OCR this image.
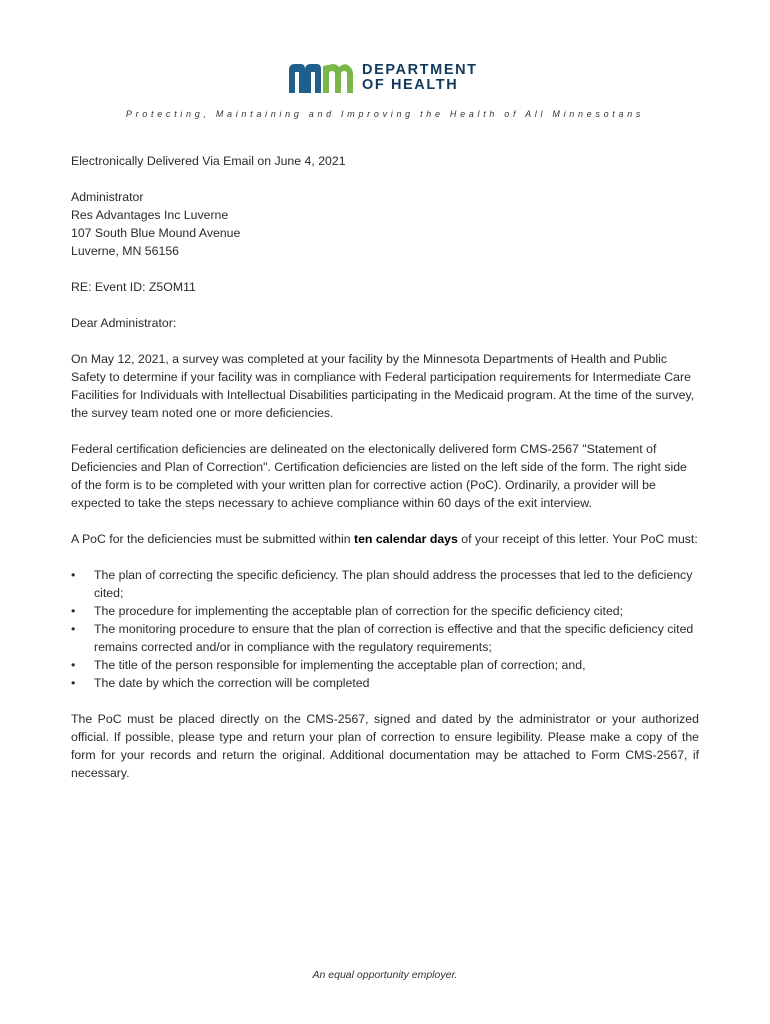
DEPARTMENT
OF HEALTH
Protecting, Maintaining and Improving the Health of All Minnesotans

Electronically Delivered Via Email on June 4, 2021

Administrator
Res Advantages Inc Luverne
107 South Blue Mound Avenue
Luverne, MN 56156

RE: Event ID: Z5OM11

Dear Administrator:

On May 12, 2021, a survey was completed at your facility by the Minnesota Departments of Health and Public Safety to determine if your facility was in compliance with Federal participation requirements for Intermediate Care Facilities for Individuals with Intellectual Disabilities participating in the Medicaid program. At the time of the survey, the survey team noted one or more deficiencies.

Federal certification deficiencies are delineated on the electonically delivered form CMS-2567 "Statement of Deficiencies and Plan of Correction". Certification deficiencies are listed on the left side of the form. The right side of the form is to be completed with your written plan for corrective action (PoC). Ordinarily, a provider will be expected to take the steps necessary to achieve compliance within 60 days of the exit interview.

A PoC for the deficiencies must be submitted within ten calendar days of your receipt of this letter. Your PoC must:

•	The plan of correcting the specific deficiency. The plan should address the processes that led to the deficiency cited;
•	The procedure for implementing the acceptable plan of correction for the specific deficiency cited;
•	The monitoring procedure to ensure that the plan of correction is effective and that the specific deficiency cited remains corrected and/or in compliance with the regulatory requirements;
•	The title of the person responsible for implementing the acceptable plan of correction; and,
•	The date by which the correction will be completed

The PoC must be placed directly on the CMS-2567, signed and dated by the administrator or your authorized official. If possible, please type and return your plan of correction to ensure legibility. Please make a copy of the form for your records and return the original. Additional documentation may be attached to Form CMS-2567, if necessary.

An equal opportunity employer.
